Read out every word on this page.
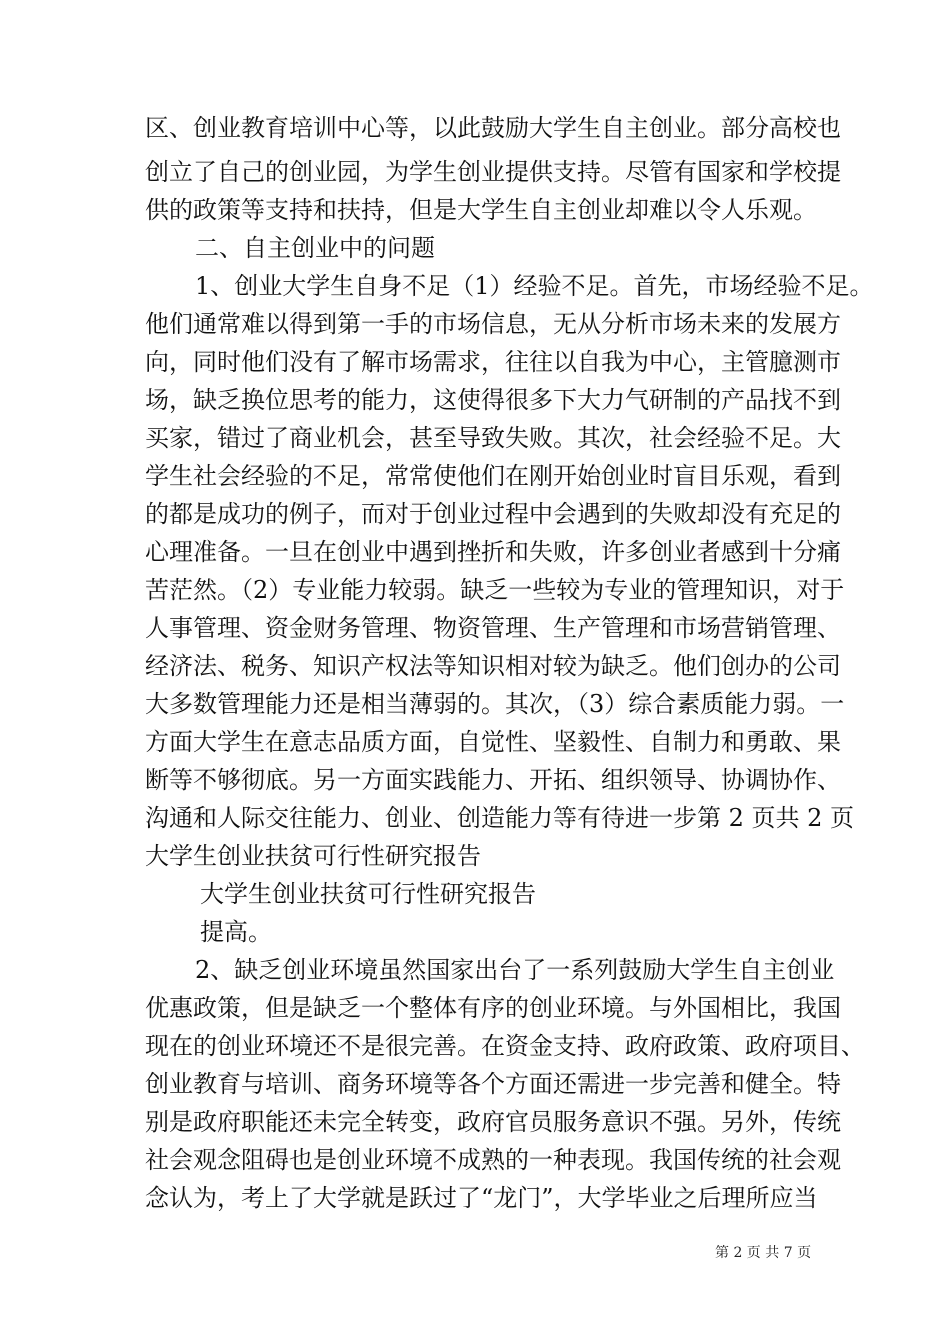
区、创业教育培训中心等，以此鼓励大学生自主创业。部分高校也
创立了自己的创业园，为学生创业提供支持。尽管有国家和学校提
供的政策等支持和扶持，但是大学生自主创业却难以令人乐观。
二、自主创业中的问题
1、创业大学生自身不足（1）经验不足。首先，市场经验不足。
他们通常难以得到第一手的市场信息，无从分析市场未来的发展方
向，同时他们没有了解市场需求，往往以自我为中心，主管臆测市
场，缺乏换位思考的能力，这使得很多下大力气研制的产品找不到
买家，错过了商业机会，甚至导致失败。其次，社会经验不足。大
学生社会经验的不足，常常使他们在刚开始创业时盲目乐观，看到
的都是成功的例子，而对于创业过程中会遇到的失败却没有充足的
心理准备。一旦在创业中遇到挫折和失败，许多创业者感到十分痛
苦茫然。（2）专业能力较弱。缺乏一些较为专业的管理知识，对于
人事管理、资金财务管理、物资管理、生产管理和市场营销管理、
经济法、税务、知识产权法等知识相对较为缺乏。他们创办的公司
大多数管理能力还是相当薄弱的。其次，（3）综合素质能力弱。一
方面大学生在意志品质方面，自觉性、坚毅性、自制力和勇敢、果
断等不够彻底。另一方面实践能力、开拓、组织领导、协调协作、
沟通和人际交往能力、创业、创造能力等有待进一步第 2 页共 2 页
大学生创业扶贫可行性研究报告
大学生创业扶贫可行性研究报告
提高。
2、缺乏创业环境虽然国家出台了一系列鼓励大学生自主创业
优惠政策，但是缺乏一个整体有序的创业环境。与外国相比，我国
现在的创业环境还不是很完善。在资金支持、政府政策、政府项目、
创业教育与培训、商务环境等各个方面还需进一步完善和健全。特
别是政府职能还未完全转变，政府官员服务意识不强。另外，传统
社会观念阻碍也是创业环境不成熟的一种表现。我国传统的社会观
念认为，考上了大学就是跃过了“龙门”，大学毕业之后理所应当
第 2 页 共 7 页
